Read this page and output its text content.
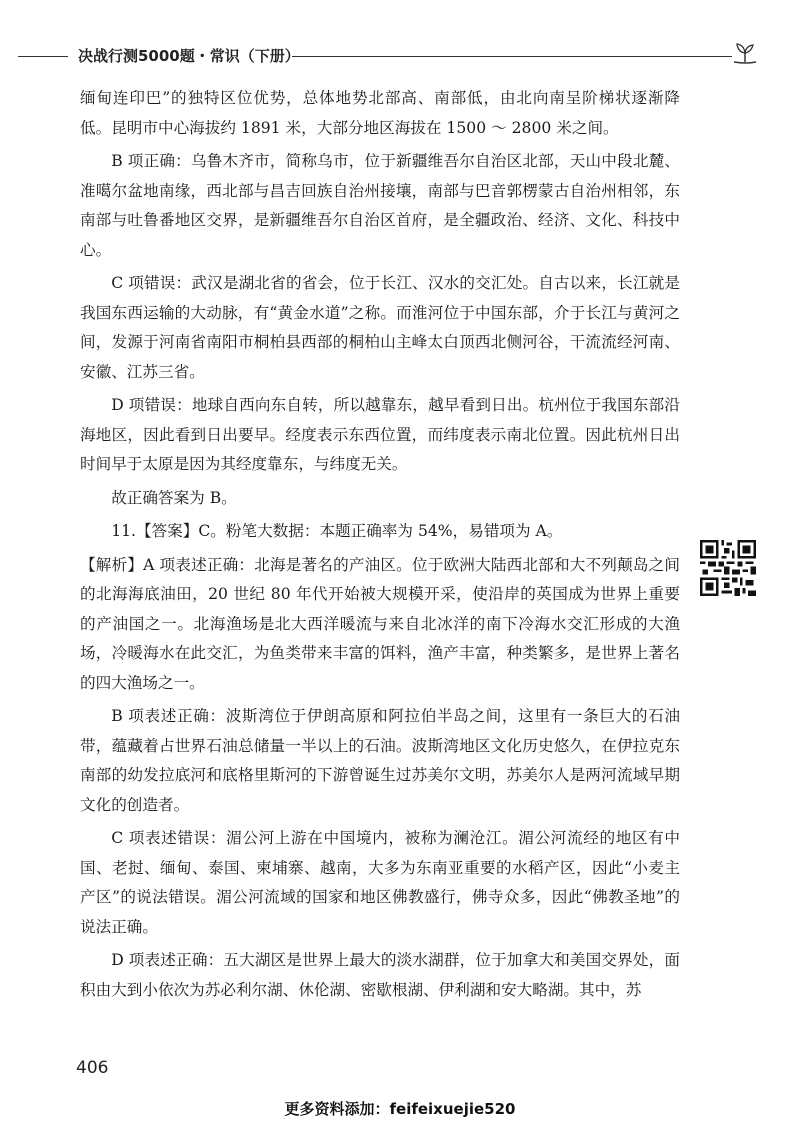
决战行测5000题・常识（下册）

缅甸连印巴”的独特区位优势，总体地势北部高、南部低，由北向南呈阶梯状逐渐降低。昆明市中心海拔约 1891 米，大部分地区海拔在 1500 ～ 2800 米之间。

B 项正确：乌鲁木齐市，简称乌市，位于新疆维吾尔自治区北部，天山中段北麓、准噶尔盆地南缘，西北部与昌吉回族自治州接壤，南部与巴音郭楞蒙古自治州相邻，东南部与吐鲁番地区交界，是新疆维吾尔自治区首府，是全疆政治、经济、文化、科技中心。

C 项错误：武汉是湖北省的省会，位于长江、汉水的交汇处。自古以来，长江就是我国东西运输的大动脉，有“黄金水道”之称。而淮河位于中国东部，介于长江与黄河之间，发源于河南省南阳市桐柏县西部的桐柏山主峰太白顶西北侧河谷，干流流经河南、安徽、江苏三省。

D 项错误：地球自西向东自转，所以越靠东，越早看到日出。杭州位于我国东部沿海地区，因此看到日出要早。经度表示东西位置，而纬度表示南北位置。因此杭州日出时间早于太原是因为其经度靠东，与纬度无关。

故正确答案为 B。

11.【答案】C。粉笔大数据：本题正确率为 54%，易错项为 A。

【解析】A 项表述正确：北海是著名的产油区。位于欧洲大陆西北部和大不列颠岛之间的北海海底油田，20 世纪 80 年代开始被大规模开采，使沿岸的英国成为世界上重要的产油国之一。北海渔场是北大西洋暖流与来自北冰洋的南下冷海水交汇形成的大渔场，冷暖海水在此交汇，为鱼类带来丰富的饵料，渔产丰富，种类繁多，是世界上著名的四大渔场之一。

B 项表述正确：波斯湾位于伊朗高原和阿拉伯半岛之间，这里有一条巨大的石油带，蕴藏着占世界石油总储量一半以上的石油。波斯湾地区文化历史悠久，在伊拉克东南部的幼发拉底河和底格里斯河的下游曾诞生过苏美尔文明，苏美尔人是两河流域早期文化的创造者。

C 项表述错误：湄公河上游在中国境内，被称为澜沧江。湄公河流经的地区有中国、老挝、缅甸、泰国、柬埔寨、越南，大多为东南亚重要的水稻产区，因此“小麦主产区”的说法错误。湄公河流域的国家和地区佛教盛行，佛寺众多，因此“佛教圣地”的说法正确。

D 项表述正确：五大湖区是世界上最大的淡水湖群，位于加拿大和美国交界处，面积由大到小依次为苏必利尔湖、休伦湖、密歇根湖、伊利湖和安大略湖。其中，苏

406
更多资料添加：feifeixuejie520
